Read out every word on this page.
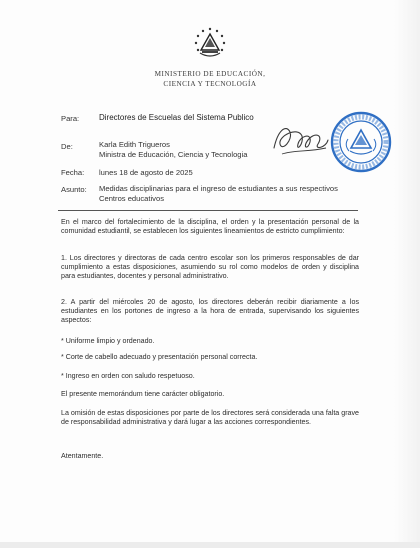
MINISTERIO DE EDUCACIÓN,
CIENCIA Y TECNOLOGÍA
Para: Directores de Escuelas del Sistema Publico
De:	Karla Edith Trigueros
Ministra de Educación, Ciencia y Tecnologia
Fecha: lunes 18 de agosto de 2025
Asunto: Medidas disciplinarias para el ingreso de estudiantes a sus respectivos
Centros educativos
En el marco del fortalecimiento de la disciplina, el orden y la presentación personal de la comunidad estudiantil, se establecen los siguientes lineamientos de estricto cumplimiento:
1. Los directores y directoras de cada centro escolar son los primeros responsables de dar cumplimiento a estas disposiciones, asumiendo su rol como modelos de orden y disciplina para estudiantes, docentes y personal administrativo.
2. A partir del miércoles 20 de agosto, los directores deberán recibir diariamente a los estudiantes en los portones de ingreso a la hora de entrada, supervisando los siguientes aspectos:
* Uniforme limpio y ordenado.
* Corte de cabello adecuado y presentación personal correcta.
* Ingreso en orden con saludo respetuoso.
El presente memorándum tiene carácter obligatorio.
La omisión de estas disposiciones por parte de los directores será considerada una falta grave de responsabilidad administrativa y dará lugar a las acciones correspondientes.
Atentamente.
